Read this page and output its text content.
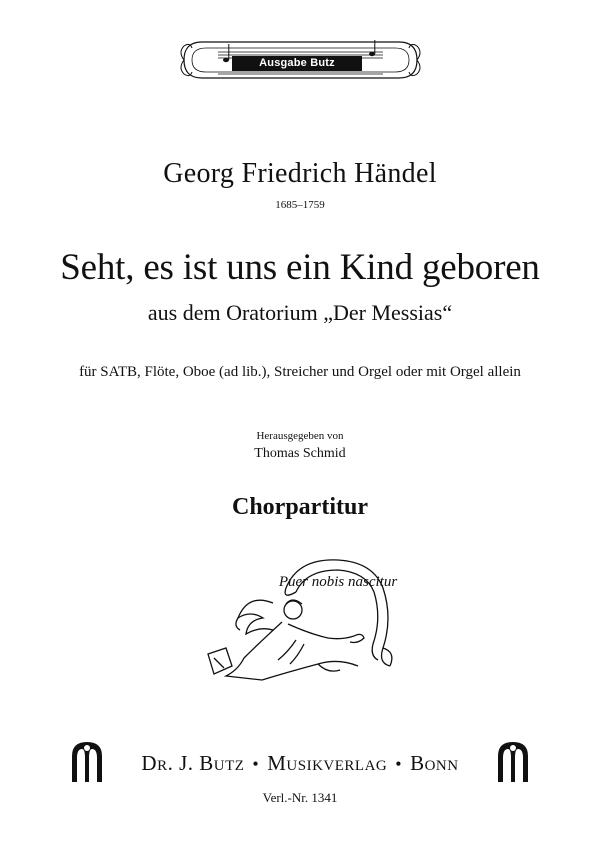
Ausgabe Butz
Georg Friedrich Händel
1685–1759
Seht, es ist uns ein Kind geboren
aus dem Oratorium „Der Messias“
für SATB, Flöte, Oboe (ad lib.), Streicher und Orgel oder mit Orgel allein
Herausgegeben von
Thomas Schmid
Chorpartitur
Puer nobis nascitur
Dr. J. Butz • Musikverlag • Bonn
Verl.-Nr. 1341
